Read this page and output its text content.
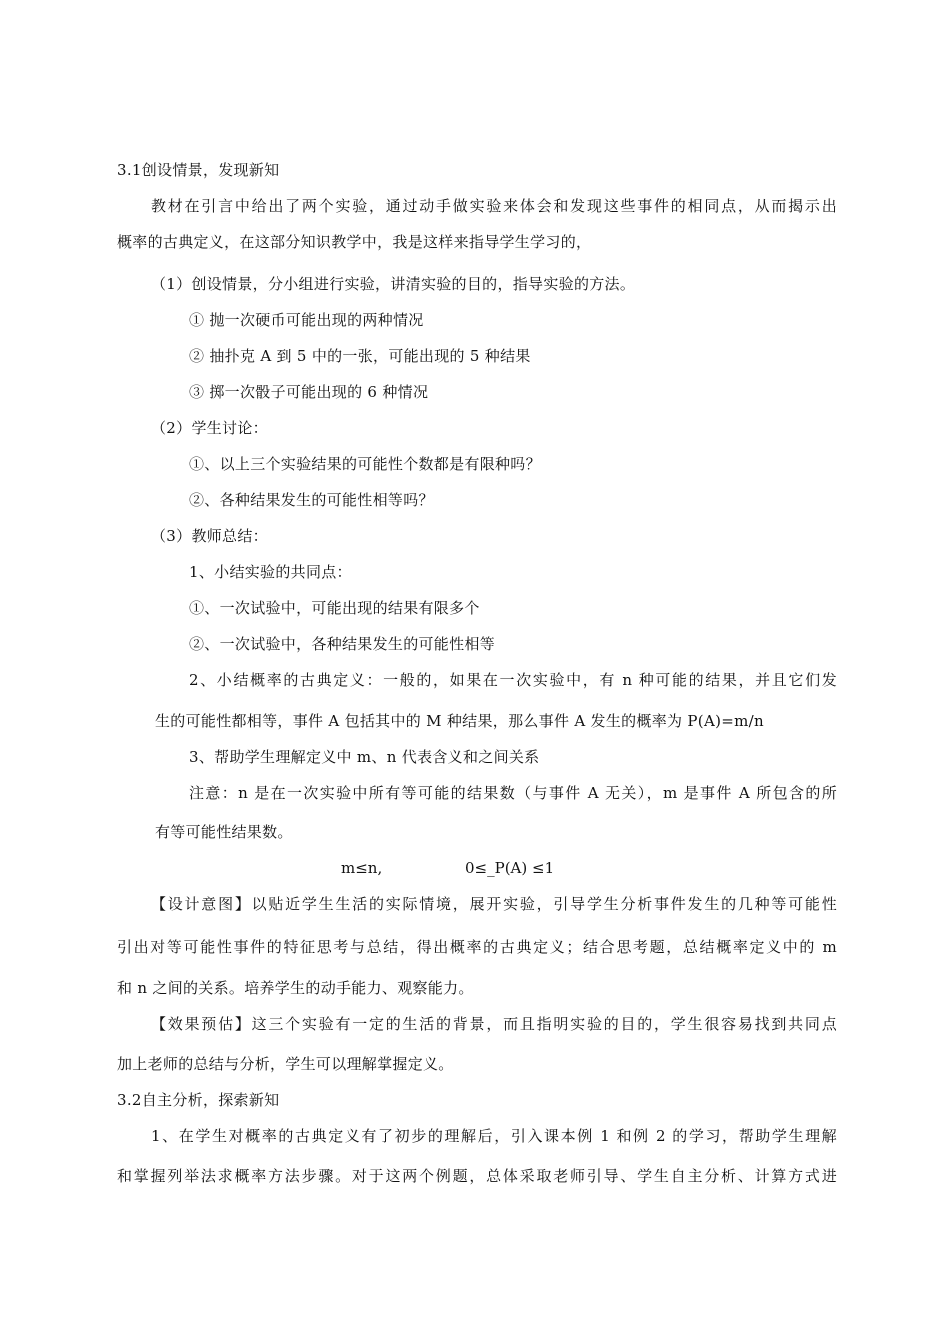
3.1创设情景，发现新知
教材在引言中给出了两个实验，通过动手做实验来体会和发现这些事件的相同点，从而揭示出
概率的古典定义，在这部分知识教学中，我是这样来指导学生学习的，
（1）创设情景，分小组进行实验，讲清实验的目的，指导实验的方法。
① 抛一次硬币可能出现的两种情况
② 抽扑克 A 到 5 中的一张，可能出现的 5 种结果
③ 掷一次骰子可能出现的 6 种情况
（2）学生讨论：
①、以上三个实验结果的可能性个数都是有限种吗？
②、各种结果发生的可能性相等吗？
（3）教师总结：
1、小结实验的共同点：
①、一次试验中，可能出现的结果有限多个
②、一次试验中，各种结果发生的可能性相等
2、小结概率的古典定义：一般的，如果在一次实验中，有 n 种可能的结果，并且它们发
生的可能性都相等，事件 A 包括其中的 M 种结果，那么事件 A 发生的概率为 P(A)=m/n
3、帮助学生理解定义中 m、n 代表含义和之间关系
注意：n 是在一次实验中所有等可能的结果数（与事件 A 无关），m 是事件 A 所包含的所
有等可能性结果数。
m≤n,	0≤_P(A) ≤1
【设计意图】以贴近学生生活的实际情境，展开实验，引导学生分析事件发生的几种等可能性
引出对等可能性事件的特征思考与总结，得出概率的古典定义；结合思考题，总结概率定义中的 m
和 n 之间的关系。培养学生的动手能力、观察能力。
【效果预估】这三个实验有一定的生活的背景，而且指明实验的目的，学生很容易找到共同点
加上老师的总结与分析，学生可以理解掌握定义。
3.2自主分析，探索新知
1、在学生对概率的古典定义有了初步的理解后，引入课本例 1 和例 2 的学习，帮助学生理解
和掌握列举法求概率方法步骤。对于这两个例题，总体采取老师引导、学生自主分析、计算方式进
